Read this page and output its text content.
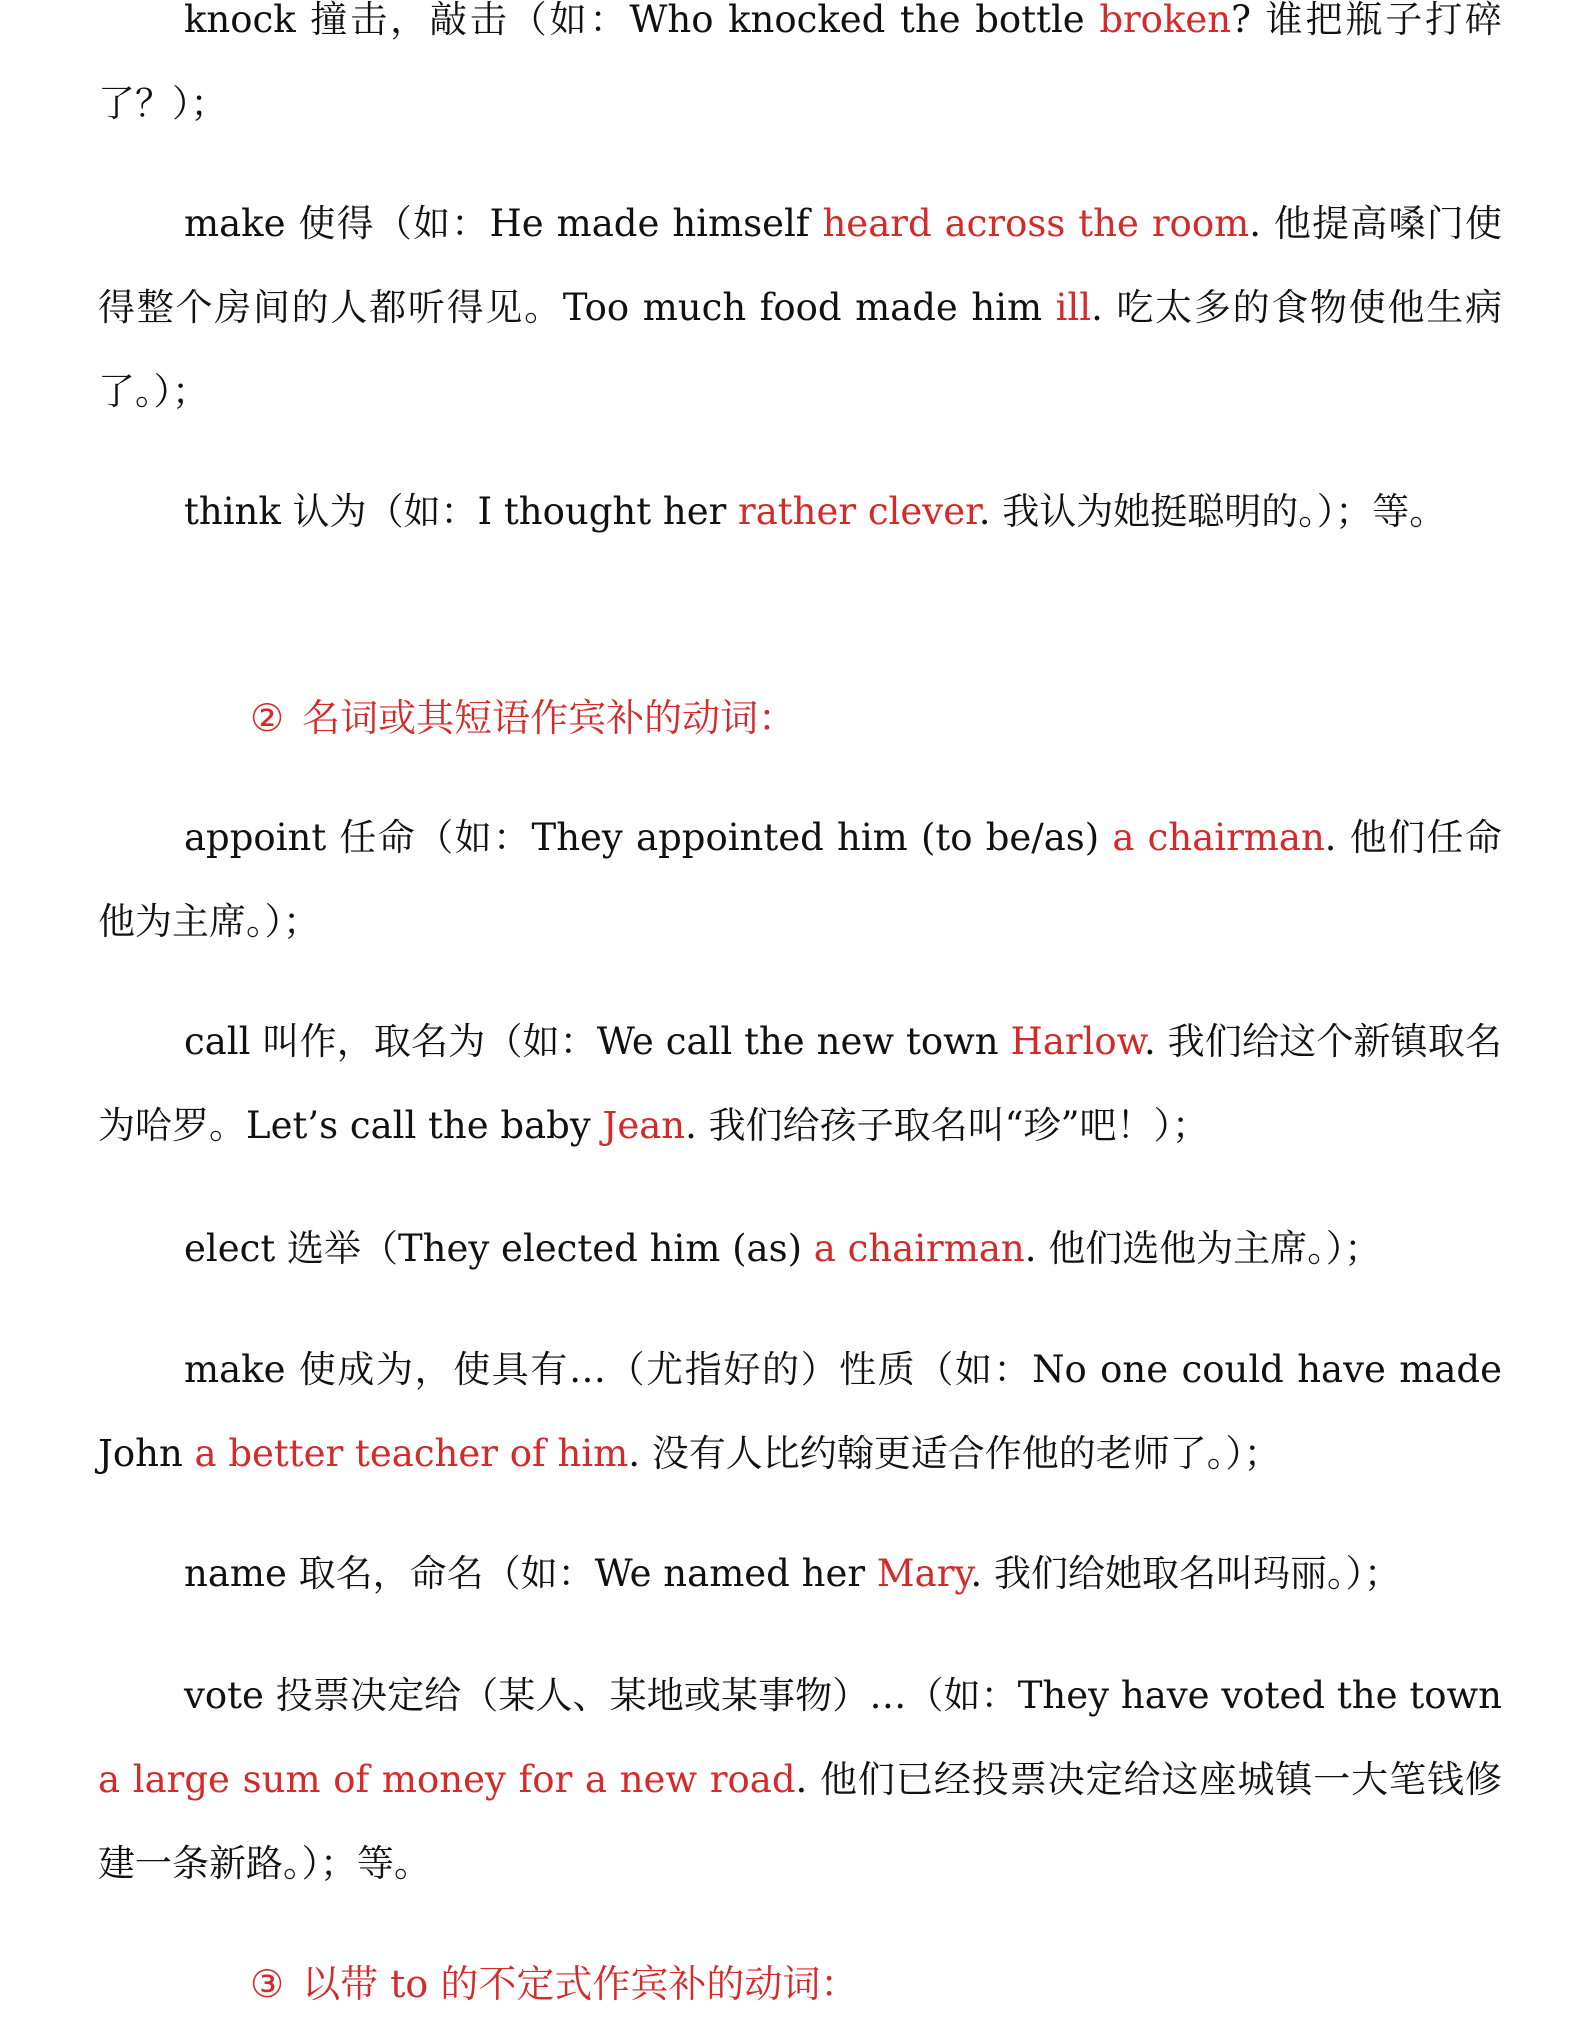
knock 撞击，敲击（如：Who knocked the bottle broken? 谁把瓶子打碎了？）；

make 使得（如：He made himself heard across the room. 他提高嗓门使得整个房间的人都听得见。Too much food made him ill. 吃太多的食物使他生病了。）；

think 认为（如：I thought her rather clever. 我认为她挺聪明的。）；等。

② 名词或其短语作宾补的动词：

appoint 任命（如：They appointed him (to be/as) a chairman. 他们任命他为主席。）；

call 叫作，取名为（如：We call the new town Harlow. 我们给这个新镇取名为哈罗。Let’s call the baby Jean. 我们给孩子取名叫“珍”吧！）；

elect 选举（They elected him (as) a chairman. 他们选他为主席。）；

make 使成为，使具有…（尤指好的）性质（如：No one could have made John a better teacher of him. 没有人比约翰更适合作他的老师了。）；

name 取名，命名（如：We named her Mary. 我们给她取名叫玛丽。）；

vote 投票决定给（某人、某地或某事物）…（如：They have voted the town a large sum of money for a new road. 他们已经投票决定给这座城镇一大笔钱修建一条新路。）；等。

③ 以带 to 的不定式作宾补的动词：
